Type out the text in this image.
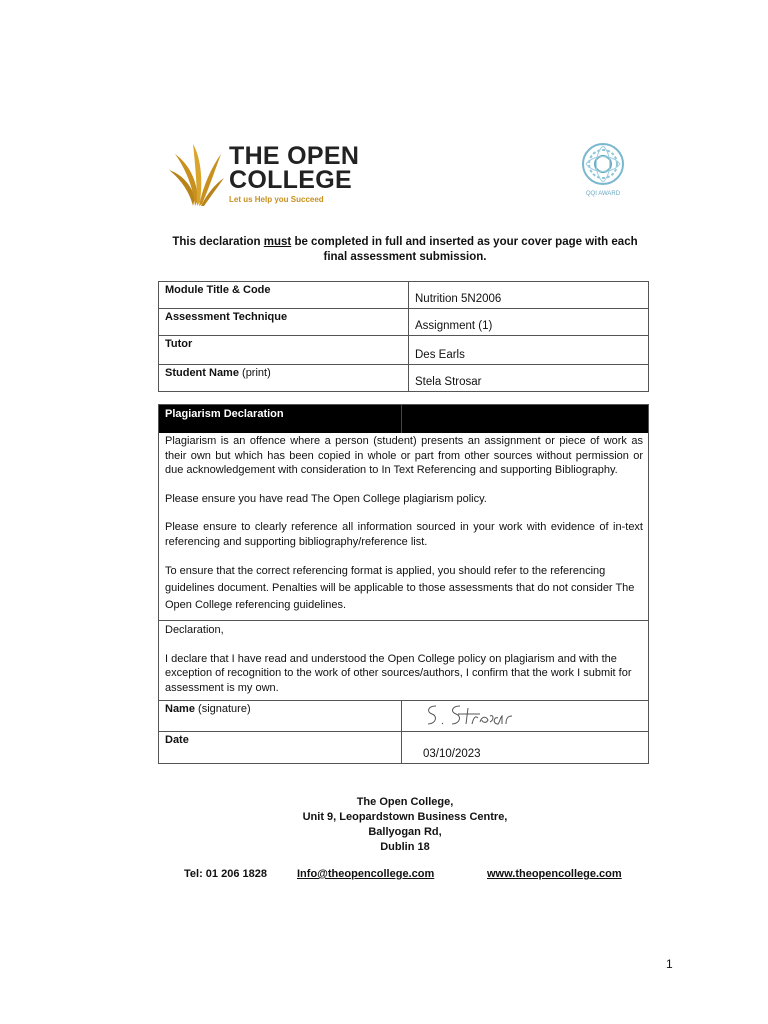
THE OPEN
COLLEGE
Let us Help you Succeed
QQI AWARD
This declaration must be completed in full and inserted as your cover page with each final assessment submission.
Module Title & Code	Nutrition 5N2006
Assessment Technique	Assignment (1)
Tutor	Des Earls
Student Name (print)	Stela Strosar
Plagiarism Declaration

Plagiarism is an offence where a person (student) presents an assignment or piece of work as their own but which has been copied in whole or part from other sources without permission or due acknowledgement with consideration to In Text Referencing and supporting Bibliography.

Please ensure you have read The Open College plagiarism policy.

Please ensure to clearly reference all information sourced in your work with evidence of in-text referencing and supporting bibliography/reference list.

To ensure that the correct referencing format is applied, you should refer to the referencing guidelines document. Penalties will be applicable to those assessments that do not consider The Open College referencing guidelines.

Declaration,

I declare that I have read and understood the Open College policy on plagiarism and with the exception of recognition to the work of other sources/authors, I confirm that the work I submit for assessment is my own.

Name (signature)	
Date	03/10/2023
The Open College,
Unit 9, Leopardstown Business Centre,
Ballyogan Rd,
Dublin 18
Tel: 01 206 1828	Info@theopencollege.com	www.theopencollege.com
1
